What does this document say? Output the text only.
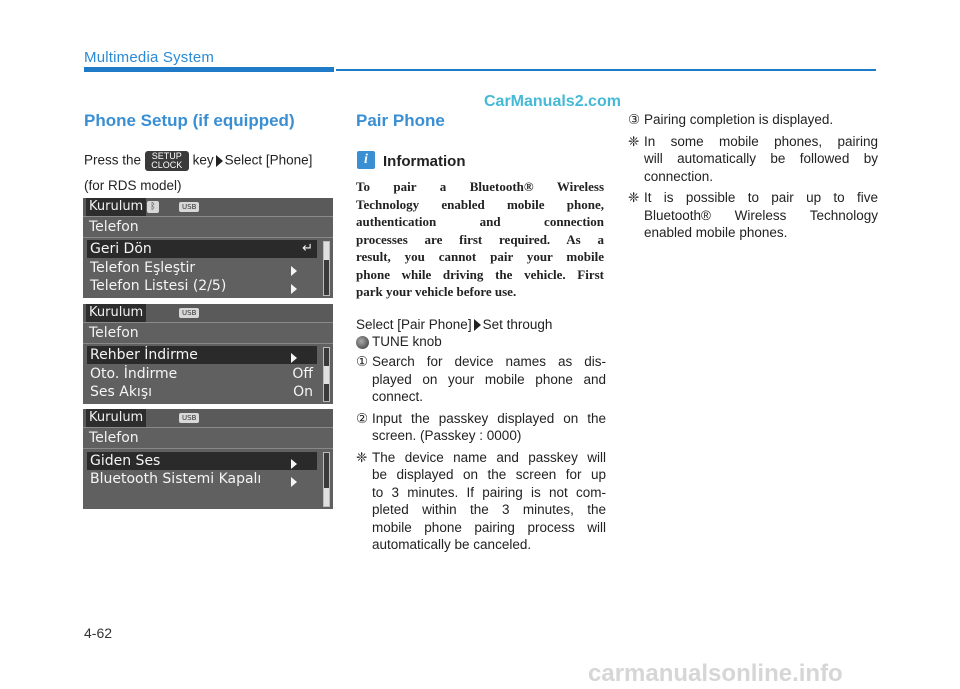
Multimedia System
CarManuals2.com
Phone Setup (if equipped)
Press the SETUP
CLOCK key Select [Phone]
(for RDS model)
Kurulum ᛒ	USB
Telefon
Geri Dön	↵
Telefon Eşleştir
Telefon Listesi (2/5)
Kurulum	USB
Telefon
Rehber İndirme
Oto. İndirme	Off
Ses Akışı	On
Kurulum	USB
Telefon
Giden Ses
Bluetooth Sistemi Kapalı
Pair Phone
i	Information
To pair a Bluetooth® Wireless
Technology enabled mobile phone,
authentication and connection
processes are first required. As a
result, you cannot pair your mobile
phone while driving the vehicle. First
park your vehicle before use.
Select [Pair Phone] Set through
TUNE knob
① Search for device names as dis-
played on your mobile phone and
connect.
② Input the passkey displayed on the
screen. (Passkey : 0000)
❈ The device name and passkey will
be displayed on the screen for up
to 3 minutes. If pairing is not com-
pleted within the 3 minutes, the
mobile phone pairing process will
automatically be canceled.
③ Pairing completion is displayed.
❈ In some mobile phones, pairing
will automatically be followed by
connection.
❈ It is possible to pair up to five
Bluetooth® Wireless Technology
enabled mobile phones.
4-62
carmanualsonline.info
